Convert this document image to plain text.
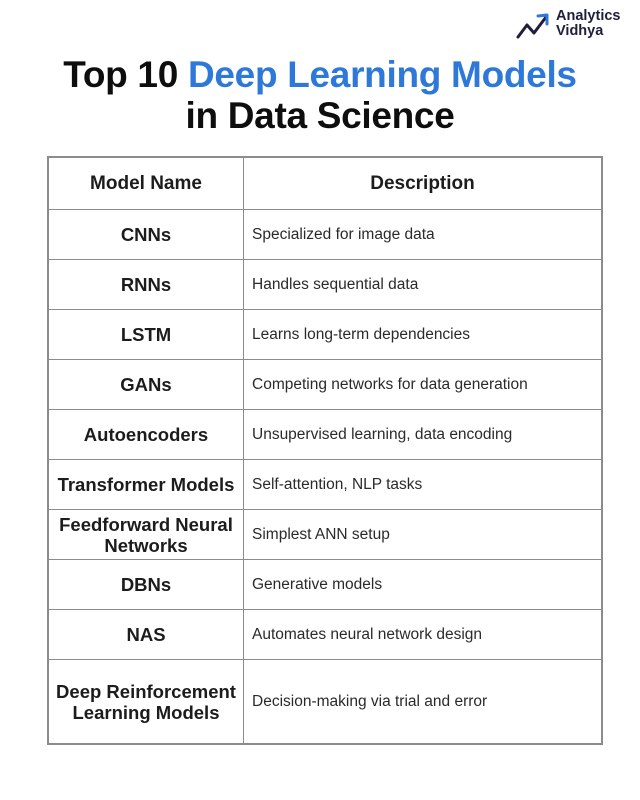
Analytics
Vidhya
Top 10 Deep Learning Models
in Data Science
Model Name	Description
CNNs	Specialized for image data
RNNs	Handles sequential data
LSTM	Learns long-term dependencies
GANs	Competing networks for data generation
Autoencoders	Unsupervised learning, data encoding
Transformer Models	Self-attention, NLP tasks
Feedforward Neural Networks	Simplest ANN setup
DBNs	Generative models
NAS	Automates neural network design
Deep Reinforcement Learning Models	Decision-making via trial and error
